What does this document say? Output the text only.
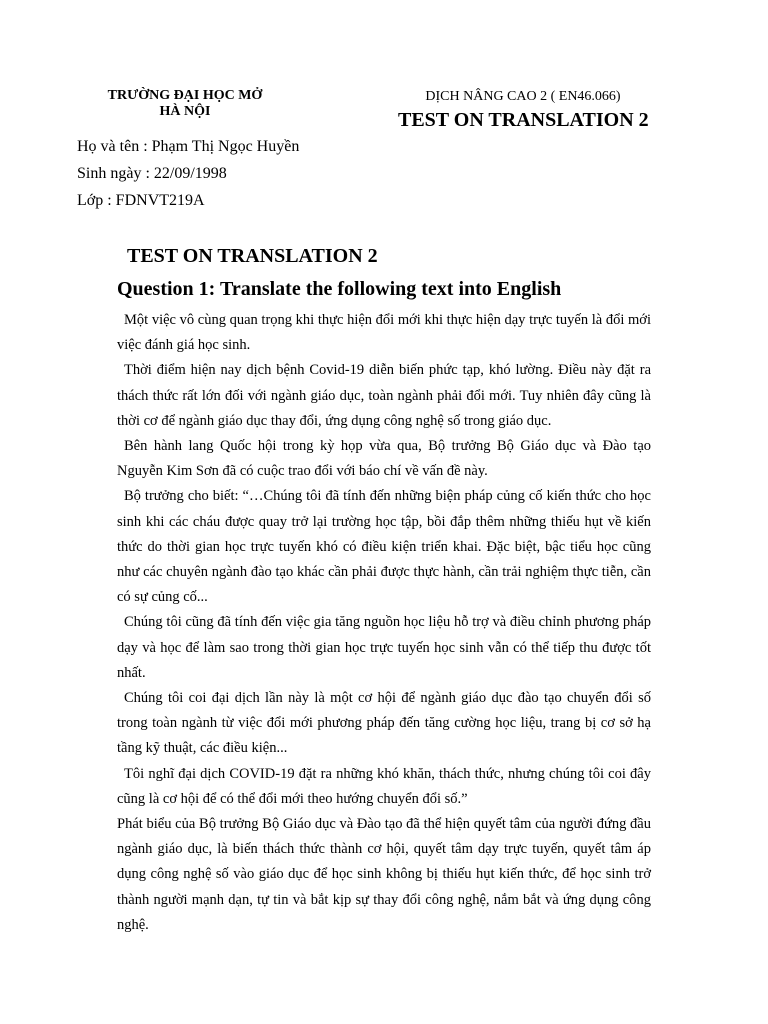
TRƯỜNG ĐẠI HỌC MỞ
HÀ NỘI
DỊCH NÂNG CAO 2 ( EN46.066)
TEST ON TRANSLATION 2
Họ và tên : Phạm Thị Ngọc Huyền
Sinh ngày : 22/09/1998
Lớp : FDNVT219A
TEST ON TRANSLATION 2
Question 1: Translate the following text into English

Một việc vô cùng quan trọng khi thực hiện đổi mới khi thực hiện dạy trực tuyến là đổi mới việc đánh giá học sinh.

Thời điểm hiện nay dịch bệnh Covid-19 diễn biến phức tạp, khó lường. Điều này đặt ra thách thức rất lớn đối với ngành giáo dục, toàn ngành phải đổi mới. Tuy nhiên đây cũng là thời cơ để ngành giáo dục thay đổi, ứng dụng công nghệ số trong giáo dục.

Bên hành lang Quốc hội trong kỳ họp vừa qua, Bộ trưởng Bộ Giáo dục và Đào tạo Nguyễn Kim Sơn đã có cuộc trao đổi với báo chí về vấn đề này.

Bộ trưởng cho biết: “…Chúng tôi đã tính đến những biện pháp củng cố kiến thức cho học sinh khi các cháu được quay trở lại trường học tập, bồi đắp thêm những thiếu hụt về kiến thức do thời gian học trực tuyến khó có điều kiện triển khai. Đặc biệt, bậc tiểu học cũng như các chuyên ngành đào tạo khác cần phải được thực hành, cần trải nghiệm thực tiễn, cần có sự củng cố...

Chúng tôi cũng đã tính đến việc gia tăng nguồn học liệu hỗ trợ và điều chỉnh phương pháp dạy và học để làm sao trong thời gian học trực tuyến học sinh vẫn có thể tiếp thu được tốt nhất.

Chúng tôi coi đại dịch lần này là một cơ hội để ngành giáo dục đào tạo chuyển đổi số trong toàn ngành từ việc đổi mới phương pháp đến tăng cường học liệu, trang bị cơ sở hạ tầng kỹ thuật, các điều kiện...

Tôi nghĩ đại dịch COVID-19 đặt ra những khó khăn, thách thức, nhưng chúng tôi coi đây cũng là cơ hội để có thể đổi mới theo hướng chuyển đổi số.”

Phát biểu của Bộ trưởng Bộ Giáo dục và Đào tạo đã thể hiện quyết tâm của người đứng đầu ngành giáo dục, là biến thách thức thành cơ hội, quyết tâm dạy trực tuyến, quyết tâm áp dụng công nghệ số vào giáo dục để học sinh không bị thiếu hụt kiến thức, để học sinh trở thành người mạnh dạn, tự tin và bắt kịp sự thay đổi công nghệ, nắm bắt và ứng dụng công nghệ.
